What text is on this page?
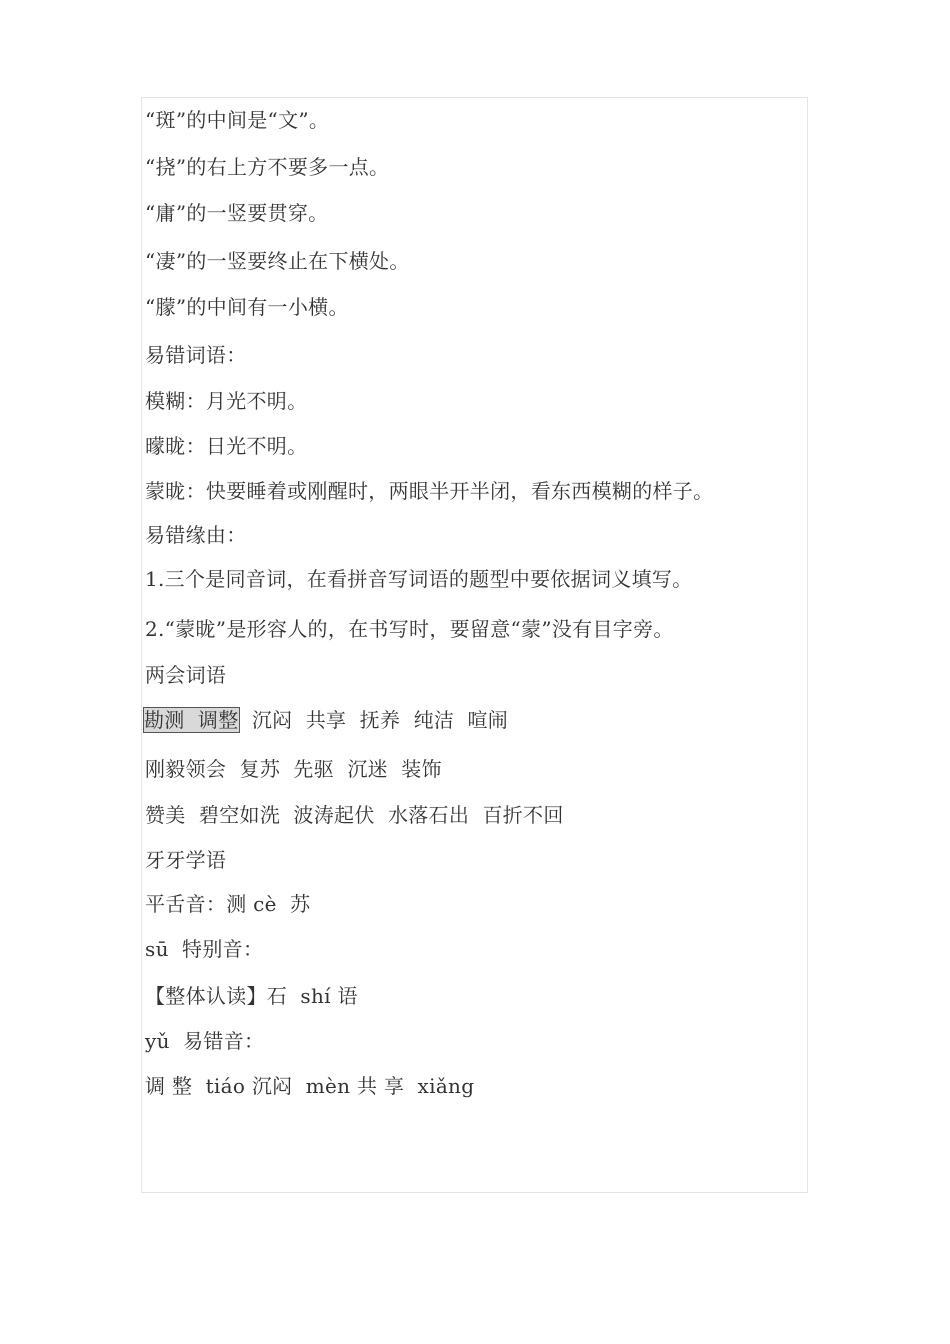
“斑”的中间是“文”。
“挠”的右上方不要多一点。
“庸”的一竖要贯穿。
“凄”的一竖要终止在下横处。
“朦”的中间有一小横。
易错词语：
模糊：月光不明。
曚昽：日光不明。
蒙昽：快要睡着或刚醒时，两眼半开半闭，看东西模糊的样子。
易错缘由：
1.三个是同音词，在看拼音写词语的题型中要依据词义填写。
2.“蒙昽”是形容人的，在书写时，要留意“蒙”没有目字旁。
两会词语
勘测  调整  沉闷  共享  抚养  纯洁  喧闹
刚毅领会  复苏  先驱  沉迷  装饰
赞美  碧空如洗  波涛起伏  水落石出  百折不回
牙牙学语
平舌音：测 cè  苏
sū  特别音：
【整体认读】石  shí 语
yǔ  易错音：
调 整  tiáo 沉闷  mèn 共 享  xiǎng
